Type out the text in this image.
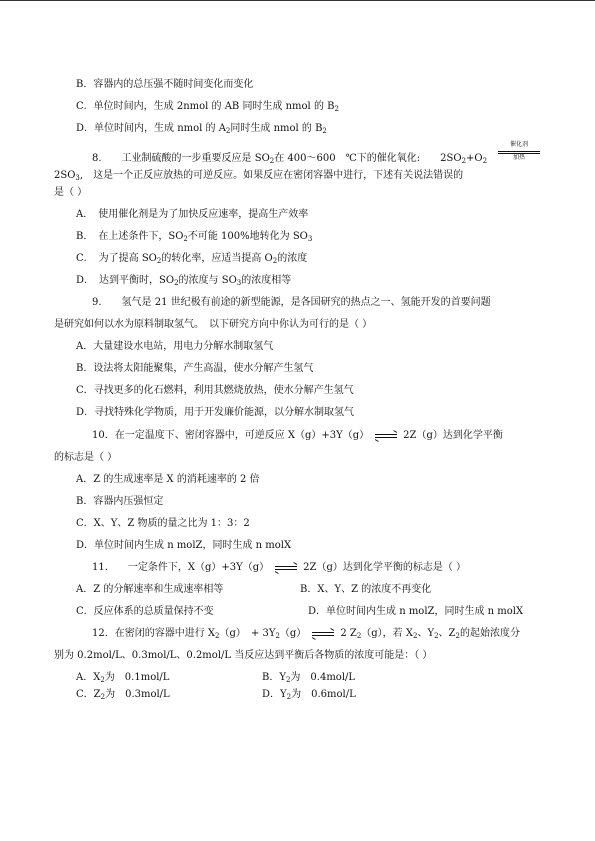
B．容器内的总压强不随时间变化而变化
C．单位时间内，生成 2nmol 的 AB 同时生成 nmol 的 $B_2$
D．单位时间内，生成 nmol 的 $A_2$同时生成 nmol 的 $B_2$
8.　　工业制硫酸的一步重要反应是 $SO_2$在 400～600　℃下的催化氧化:　　$2SO_2+O_2$
催化剂
加热
$2SO_3$,　这是一个正反应放热的可逆反应。如果反应在密闭容器中进行，下述有关说法错误的
是（ ）
A．　使用催化剂是为了加快反应速率，提高生产效率
B．　在上述条件下，$SO_2$不可能 100%地转化为 $SO_3$
C．　为了提高 $SO_2$的转化率，应适当提高 $O_2$的浓度
D．　达到平衡时，$SO_2$的浓度与 $SO_3$的浓度相等
9.　　氢气是 21 世纪极有前途的新型能源，是各国研究的热点之一、氢能开发的首要问题
是研究如何以水为原料制取氢气。　以下研究方向中你认为可行的是（ ）
A．大量建设水电站，用电力分解水制取氢气
B．设法将太阳能聚集，产生高温，使水分解产生氢气
C．寻找更多的化石燃料，利用其燃烧放热，使水分解产生氢气
D．寻找特殊化学物质，用于开发廉价能源，以分解水制取氢气
10．在一定温度下、密闭容器中，可逆反应 X（g）+3Y（g）	2Z（g）达到化学平衡
的标志是（ ）
A．Z 的生成速率是 X 的消耗速率的 2 倍
B．容器内压强恒定
C．X、Y、Z 物质的量之比为 1：3：2
D．单位时间内生成 n molZ，同时生成 n molX
11.　　一定条件下，X（g）+3Y（g）	2Z（g）达到化学平衡的标志是（ ）
A．Z 的分解速率和生成速率相等	B．X、Y、Z 的浓度不再变化
C．反应体系的总质量保持不变	D．单位时间内生成 n molZ，同时生成 n molX
12．在密闭的容器中进行 $X_2(g)$　+ $3Y_2(g)$	2 $Z_2(g)$，若 $X_2$、$Y_2$、$Z_2$的起始浓度分
别为 0.2mol/L、0.3mol/L、0.2mol/L 当反应达到平衡后各物质的浓度可能是：（ ）
A．$X_2$为　0.1mol/L	B．$Y_2$为　0.4mol/L
C．$Z_2$为　0.3mol/L	D．$Y_2$为　0.6mol/L
